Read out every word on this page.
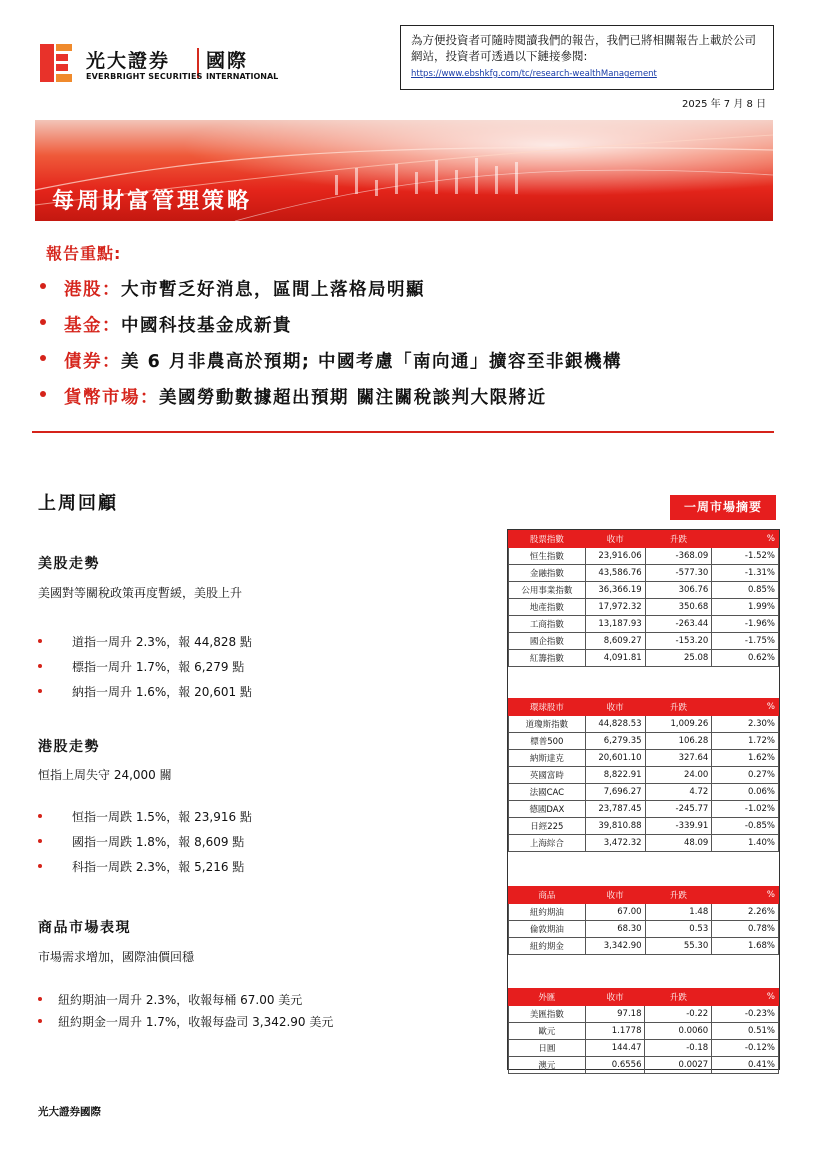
光大證券 國際
EVERBRIGHT SECURITIES INTERNATIONAL
為方便投資者可隨時閱讀我們的報告，我們已將相關報告上載於公司網站，投資者可透過以下鏈接參閱:
https://www.ebshkfg.com/tc/research-wealthManagement
2025 年 7 月 8 日
每周財富管理策略
報告重點:
港股：大市暫乏好消息，區間上落格局明顯
基金：中國科技基金成新貴
債券：美 6 月非農高於預期; 中國考慮「南向通」擴容至非銀機構
貨幣市場：美國勞動數據超出預期 關注關稅談判大限將近
上周回顧
美股走勢
美國對等關稅政策再度暫緩，美股上升
道指一周升 2.3%，報 44,828 點
標指一周升 1.7%，報 6,279 點
納指一周升 1.6%，報 20,601 點
港股走勢
恒指上周失守 24,000 關
恒指一周跌 1.5%，報 23,916 點
國指一周跌 1.8%，報 8,609 點
科指一周跌 2.3%，報 5,216 點
商品市場表現
市場需求增加，國際油價回穩
紐約期油一周升 2.3%，收報每桶 67.00 美元
紐約期金一周升 1.7%，收報每盎司 3,342.90 美元
一周市場摘要
股票指數	收市	升跌	%
恒生指數	23,916.06	-368.09	-1.52%
金融指數	43,586.76	-577.30	-1.31%
公用事業指數	36,366.19	306.76	0.85%
地產指數	17,972.32	350.68	1.99%
工商指數	13,187.93	-263.44	-1.96%
國企指數	8,609.27	-153.20	-1.75%
紅籌指數	4,091.81	25.08	0.62%
環球股市	收市	升跌	%
道瓊斯指數	44,828.53	1,009.26	2.30%
標普500	6,279.35	106.28	1.72%
納斯達克	20,601.10	327.64	1.62%
英國富時	8,822.91	24.00	0.27%
法國CAC	7,696.27	4.72	0.06%
德國DAX	23,787.45	-245.77	-1.02%
日經225	39,810.88	-339.91	-0.85%
上海綜合	3,472.32	48.09	1.40%
商品	收市	升跌	%
紐約期油	67.00	1.48	2.26%
倫敦期油	68.30	0.53	0.78%
紐約期金	3,342.90	55.30	1.68%
外匯	收市	升跌	%
美匯指數	97.18	-0.22	-0.23%
歐元	1.1778	0.0060	0.51%
日圓	144.47	-0.18	-0.12%
澳元	0.6556	0.0027	0.41%
光大證券國際
